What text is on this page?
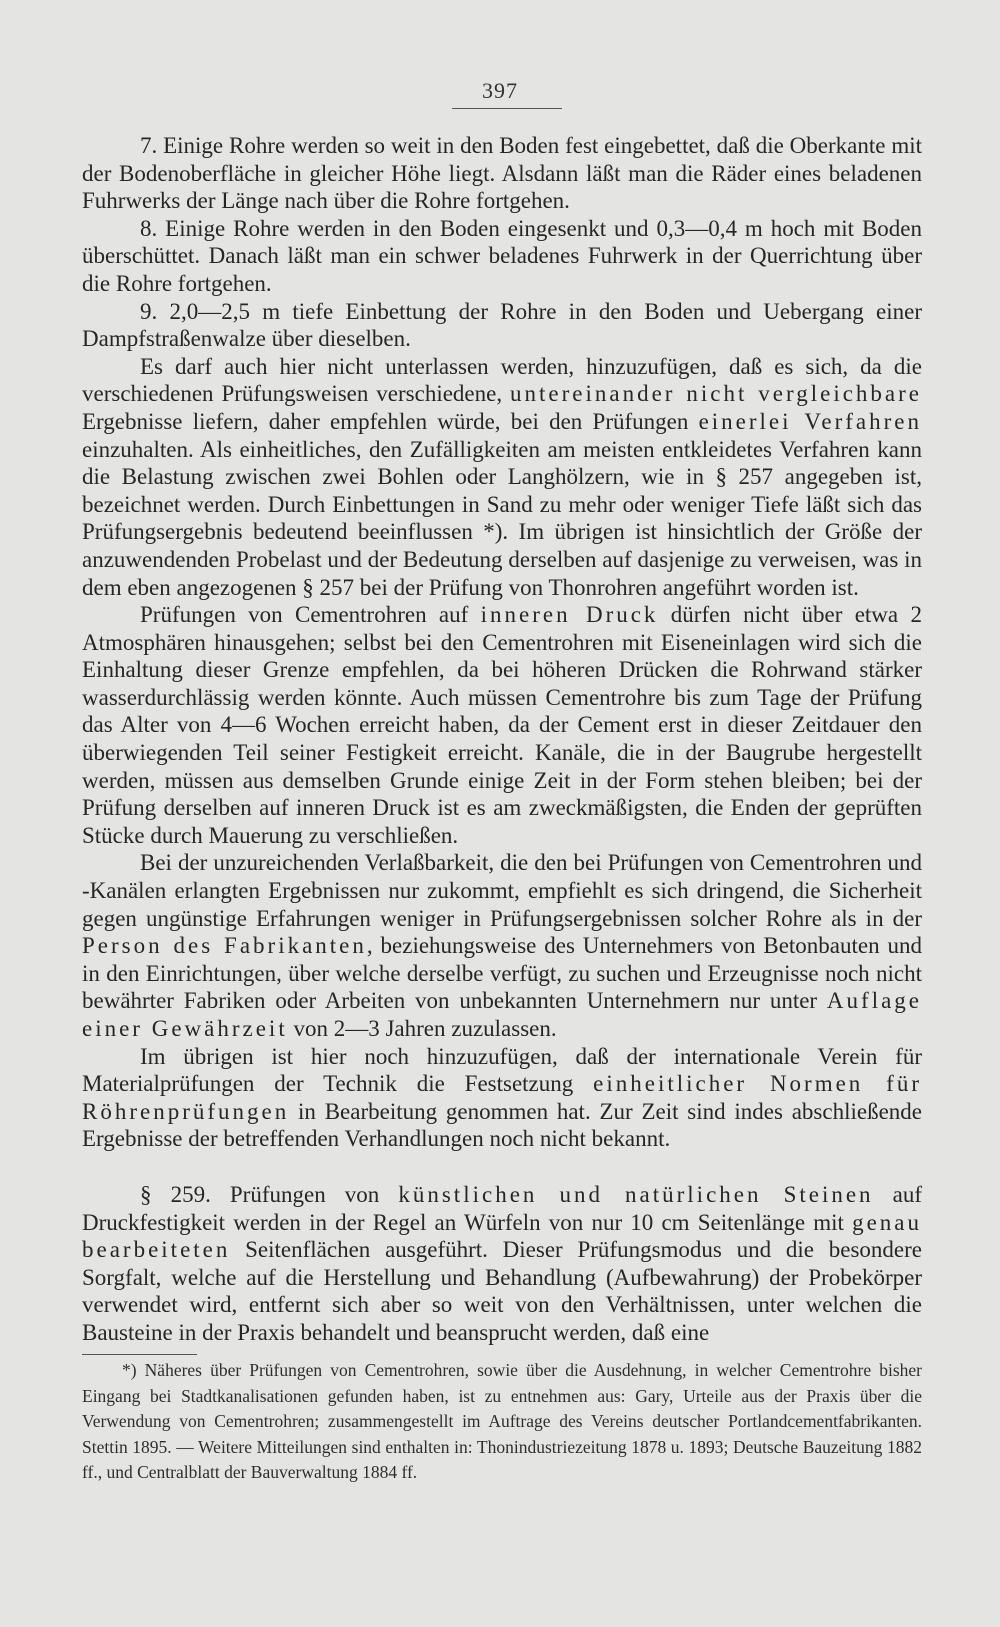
397

7. Einige Rohre werden so weit in den Boden fest eingebettet, daß die Oberkante mit der Bodenoberfläche in gleicher Höhe liegt. Alsdann läßt man die Räder eines beladenen Fuhrwerks der Länge nach über die Rohre fortgehen.

8. Einige Rohre werden in den Boden eingesenkt und 0,3—0,4 m hoch mit Boden überschüttet. Danach läßt man ein schwer beladenes Fuhrwerk in der Querrichtung über die Rohre fortgehen.

9. 2,0—2,5 m tiefe Einbettung der Rohre in den Boden und Uebergang einer Dampfstraßenwalze über dieselben.

Es darf auch hier nicht unterlassen werden, hinzuzufügen, daß es sich, da die verschiedenen Prüfungsweisen verschiedene, untereinander nicht vergleichbare Ergebnisse liefern, daher empfehlen würde, bei den Prüfungen einerlei Verfahren einzuhalten. Als einheitliches, den Zufälligkeiten am meisten entkleidetes Verfahren kann die Belastung zwischen zwei Bohlen oder Langhölzern, wie in § 257 angegeben ist, bezeichnet werden. Durch Einbettungen in Sand zu mehr oder weniger Tiefe läßt sich das Prüfungsergebnis bedeutend beeinflussen *). Im übrigen ist hinsichtlich der Größe der anzuwendenden Probelast und der Bedeutung derselben auf dasjenige zu verweisen, was in dem eben angezogenen § 257 bei der Prüfung von Thonrohren angeführt worden ist.

Prüfungen von Cementrohren auf inneren Druck dürfen nicht über etwa 2 Atmosphären hinausgehen; selbst bei den Cementrohren mit Eiseneinlagen wird sich die Einhaltung dieser Grenze empfehlen, da bei höheren Drücken die Rohrwand stärker wasserdurchlässig werden könnte. Auch müssen Cementrohre bis zum Tage der Prüfung das Alter von 4—6 Wochen erreicht haben, da der Cement erst in dieser Zeitdauer den überwiegenden Teil seiner Festigkeit erreicht. Kanäle, die in der Baugrube hergestellt werden, müssen aus demselben Grunde einige Zeit in der Form stehen bleiben; bei der Prüfung derselben auf inneren Druck ist es am zweckmäßigsten, die Enden der geprüften Stücke durch Mauerung zu verschließen.

Bei der unzureichenden Verlaßbarkeit, die den bei Prüfungen von Cementrohren und -Kanälen erlangten Ergebnissen nur zukommt, empfiehlt es sich dringend, die Sicherheit gegen ungünstige Erfahrungen weniger in Prüfungsergebnissen solcher Rohre als in der Person des Fabrikanten, beziehungsweise des Unternehmers von Betonbauten und in den Einrichtungen, über welche derselbe verfügt, zu suchen und Erzeugnisse noch nicht bewährter Fabriken oder Arbeiten von unbekannten Unternehmern nur unter Auflage einer Gewährzeit von 2—3 Jahren zuzulassen.

Im übrigen ist hier noch hinzuzufügen, daß der internationale Verein für Materialprüfungen der Technik die Festsetzung einheitlicher Normen für Röhrenprüfungen in Bearbeitung genommen hat. Zur Zeit sind indes abschließende Ergebnisse der betreffenden Verhandlungen noch nicht bekannt.

§ 259. Prüfungen von künstlichen und natürlichen Steinen auf Druckfestigkeit werden in der Regel an Würfeln von nur 10 cm Seitenlänge mit genau bearbeiteten Seitenflächen ausgeführt. Dieser Prüfungsmodus und die besondere Sorgfalt, welche auf die Herstellung und Behandlung (Aufbewahrung) der Probekörper verwendet wird, entfernt sich aber so weit von den Verhältnissen, unter welchen die Bausteine in der Praxis behandelt und beansprucht werden, daß eine

*) Näheres über Prüfungen von Cementrohren, sowie über die Ausdehnung, in welcher Cementrohre bisher Eingang bei Stadtkanalisationen gefunden haben, ist zu entnehmen aus: Gary, Urteile aus der Praxis über die Verwendung von Cementrohren; zusammengestellt im Auftrage des Vereins deutscher Portlandcementfabrikanten. Stettin 1895. — Weitere Mitteilungen sind enthalten in: Thonindustriezeitung 1878 u. 1893; Deutsche Bauzeitung 1882 ff., und Centralblatt der Bauverwaltung 1884 ff.
